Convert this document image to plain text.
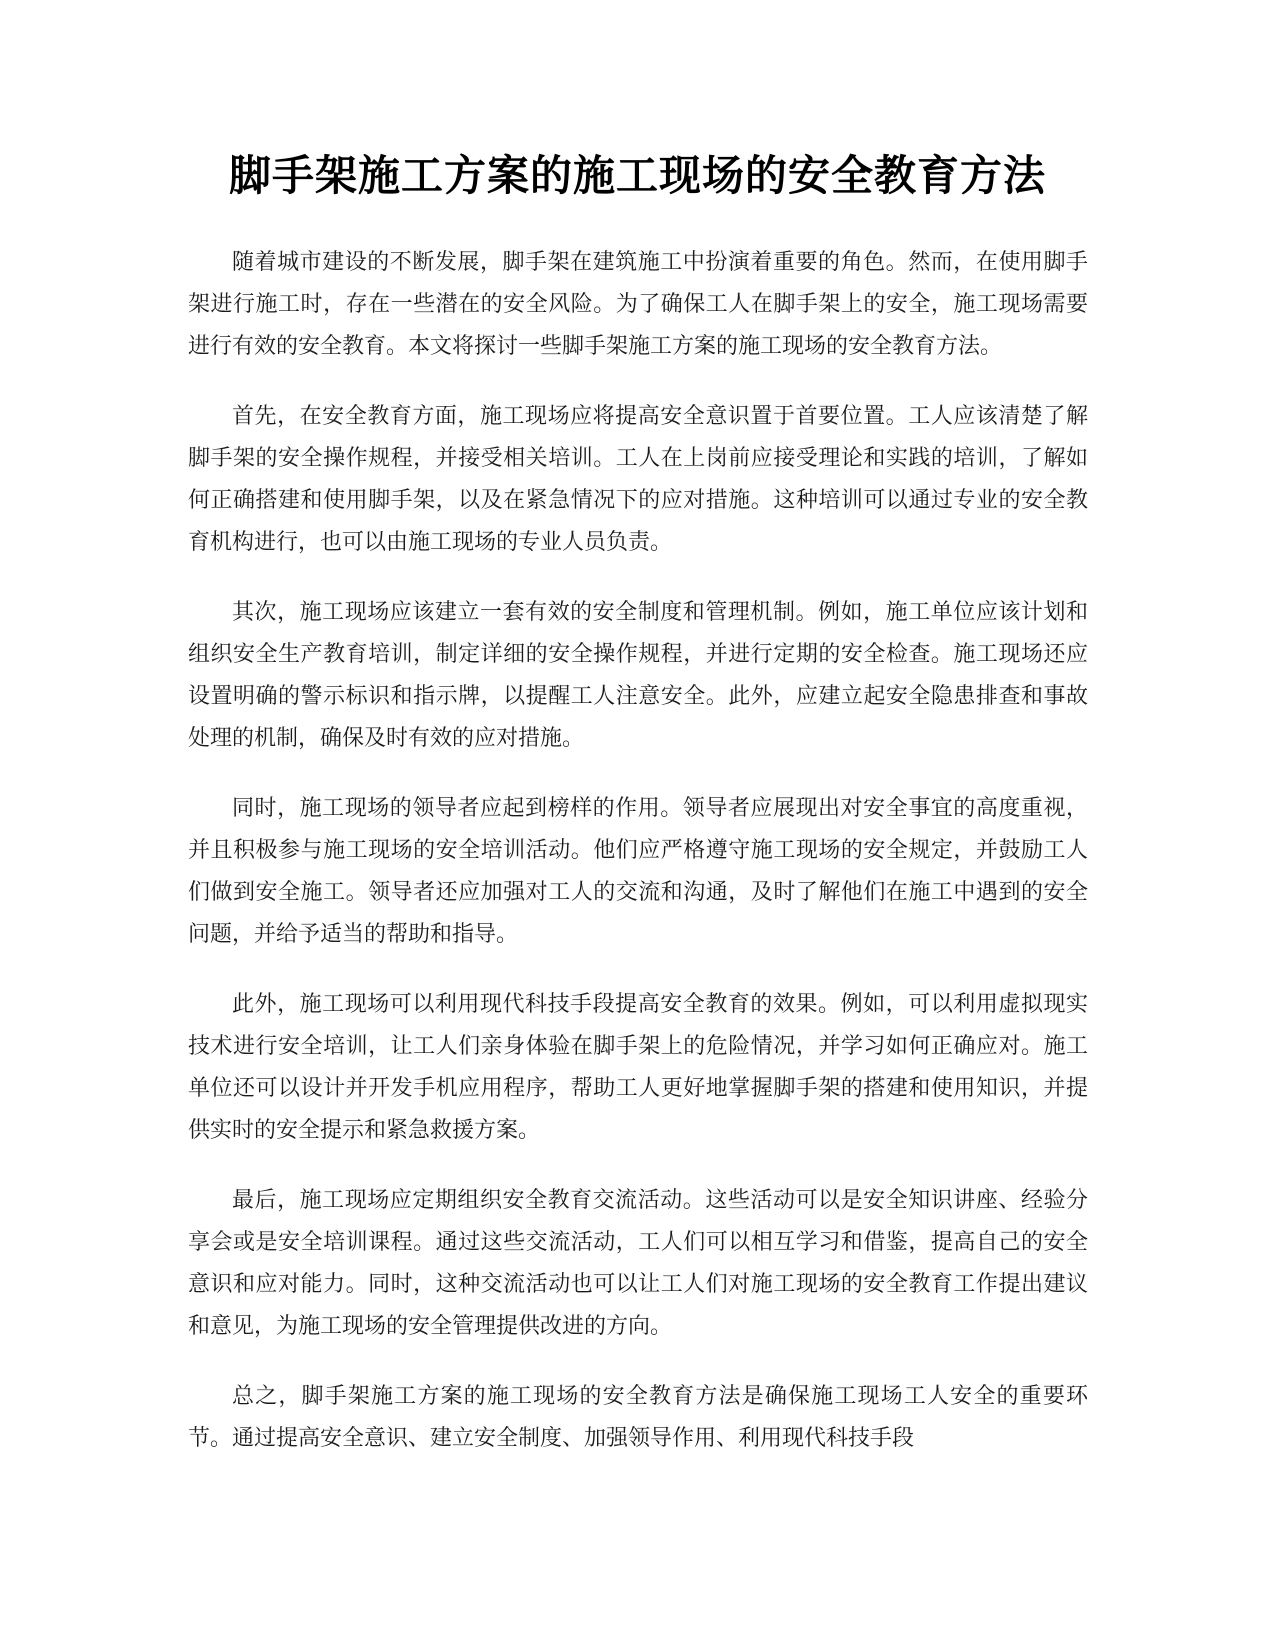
脚手架施工方案的施工现场的安全教育方法

随着城市建设的不断发展，脚手架在建筑施工中扮演着重要的角色。然而，在使用脚手架进行施工时，存在一些潜在的安全风险。为了确保工人在脚手架上的安全，施工现场需要进行有效的安全教育。本文将探讨一些脚手架施工方案的施工现场的安全教育方法。

首先，在安全教育方面，施工现场应将提高安全意识置于首要位置。工人应该清楚了解脚手架的安全操作规程，并接受相关培训。工人在上岗前应接受理论和实践的培训，了解如何正确搭建和使用脚手架，以及在紧急情况下的应对措施。这种培训可以通过专业的安全教育机构进行，也可以由施工现场的专业人员负责。

其次，施工现场应该建立一套有效的安全制度和管理机制。例如，施工单位应该计划和组织安全生产教育培训，制定详细的安全操作规程，并进行定期的安全检查。施工现场还应设置明确的警示标识和指示牌，以提醒工人注意安全。此外，应建立起安全隐患排查和事故处理的机制，确保及时有效的应对措施。

同时，施工现场的领导者应起到榜样的作用。领导者应展现出对安全事宜的高度重视，并且积极参与施工现场的安全培训活动。他们应严格遵守施工现场的安全规定，并鼓励工人们做到安全施工。领导者还应加强对工人的交流和沟通，及时了解他们在施工中遇到的安全问题，并给予适当的帮助和指导。

此外，施工现场可以利用现代科技手段提高安全教育的效果。例如，可以利用虚拟现实技术进行安全培训，让工人们亲身体验在脚手架上的危险情况，并学习如何正确应对。施工单位还可以设计并开发手机应用程序，帮助工人更好地掌握脚手架的搭建和使用知识，并提供实时的安全提示和紧急救援方案。

最后，施工现场应定期组织安全教育交流活动。这些活动可以是安全知识讲座、经验分享会或是安全培训课程。通过这些交流活动，工人们可以相互学习和借鉴，提高自己的安全意识和应对能力。同时，这种交流活动也可以让工人们对施工现场的安全教育工作提出建议和意见，为施工现场的安全管理提供改进的方向。

总之，脚手架施工方案的施工现场的安全教育方法是确保施工现场工人安全的重要环节。通过提高安全意识、建立安全制度、加强领导作用、利用现代科技手段
